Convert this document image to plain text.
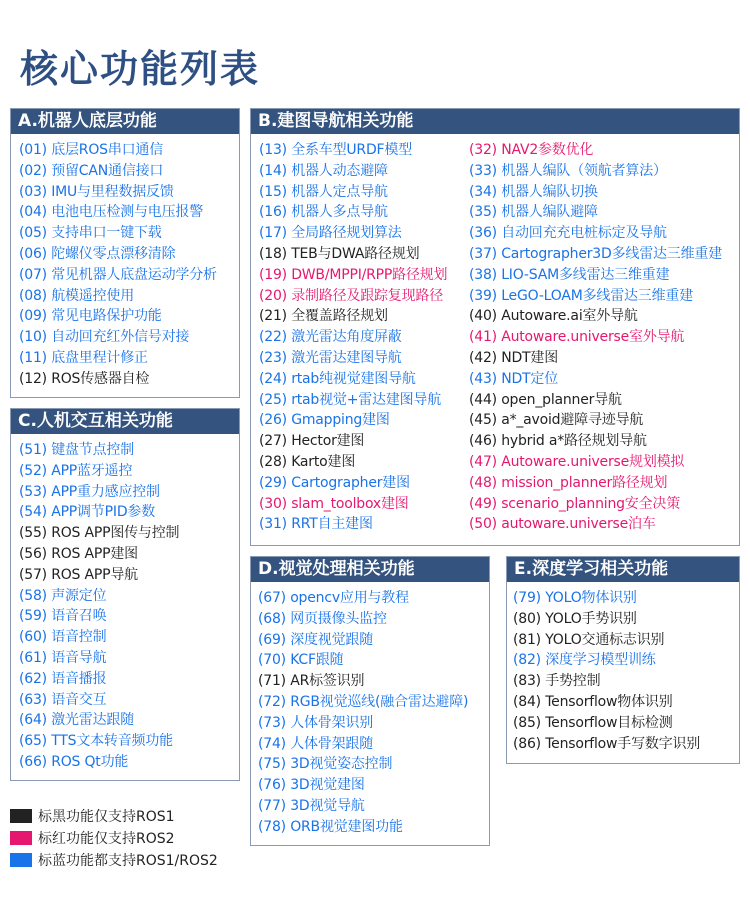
核心功能列表
A.机器人底层功能
(01) 底层ROS串口通信
(02) 预留CAN通信接口
(03) IMU与里程数据反馈
(04) 电池电压检测与电压报警
(05) 支持串口一键下载
(06) 陀螺仪零点漂移清除
(07) 常见机器人底盘运动学分析
(08) 航模遥控使用
(09) 常见电路保护功能
(10) 自动回充红外信号对接
(11) 底盘里程计修正
(12) ROS传感器自检
B.建图导航相关功能
(13) 全系车型URDF模型
(14) 机器人动态避障
(15) 机器人定点导航
(16) 机器人多点导航
(17) 全局路径规划算法
(18) TEB与DWA路径规划
(19) DWB/MPPI/RPP路径规划
(20) 录制路径及跟踪复现路径
(21) 全覆盖路径规划
(22) 激光雷达角度屏蔽
(23) 激光雷达建图导航
(24) rtab纯视觉建图导航
(25) rtab视觉+雷达建图导航
(26) Gmapping建图
(27) Hector建图
(28) Karto建图
(29) Cartographer建图
(30) slam_toolbox建图
(31) RRT自主建图
(32) NAV2参数优化
(33) 机器人编队（领航者算法）
(34) 机器人编队切换
(35) 机器人编队避障
(36) 自动回充充电桩标定及导航
(37) Cartographer3D多线雷达三维重建
(38) LIO-SAM多线雷达三维重建
(39) LeGO-LOAM多线雷达三维重建
(40) Autoware.ai室外导航
(41) Autoware.universe室外导航
(42) NDT建图
(43) NDT定位
(44) open_planner导航
(45) a*_avoid避障寻迹导航
(46) hybrid a*路径规划导航
(47) Autoware.universe规划模拟
(48) mission_planner路径规划
(49) scenario_planning安全决策
(50) autoware.universe泊车
C.人机交互相关功能
(51) 键盘节点控制
(52) APP蓝牙遥控
(53) APP重力感应控制
(54) APP调节PID参数
(55) ROS APP图传与控制
(56) ROS APP建图
(57) ROS APP导航
(58) 声源定位
(59) 语音召唤
(60) 语音控制
(61) 语音导航
(62) 语音播报
(63) 语音交互
(64) 激光雷达跟随
(65) TTS文本转音频功能
(66) ROS Qt功能
D.视觉处理相关功能
(67) opencv应用与教程
(68) 网页摄像头监控
(69) 深度视觉跟随
(70) KCF跟随
(71) AR标签识别
(72) RGB视觉巡线(融合雷达避障)
(73) 人体骨架识别
(74) 人体骨架跟随
(75) 3D视觉姿态控制
(76) 3D视觉建图
(77) 3D视觉导航
(78) ORB视觉建图功能
E.深度学习相关功能
(79) YOLO物体识别
(80) YOLO手势识别
(81) YOLO交通标志识别
(82) 深度学习模型训练
(83) 手势控制
(84) Tensorflow物体识别
(85) Tensorflow目标检测
(86) Tensorflow手写数字识别
标黑功能仅支持ROS1
标红功能仅支持ROS2
标蓝功能都支持ROS1/ROS2
